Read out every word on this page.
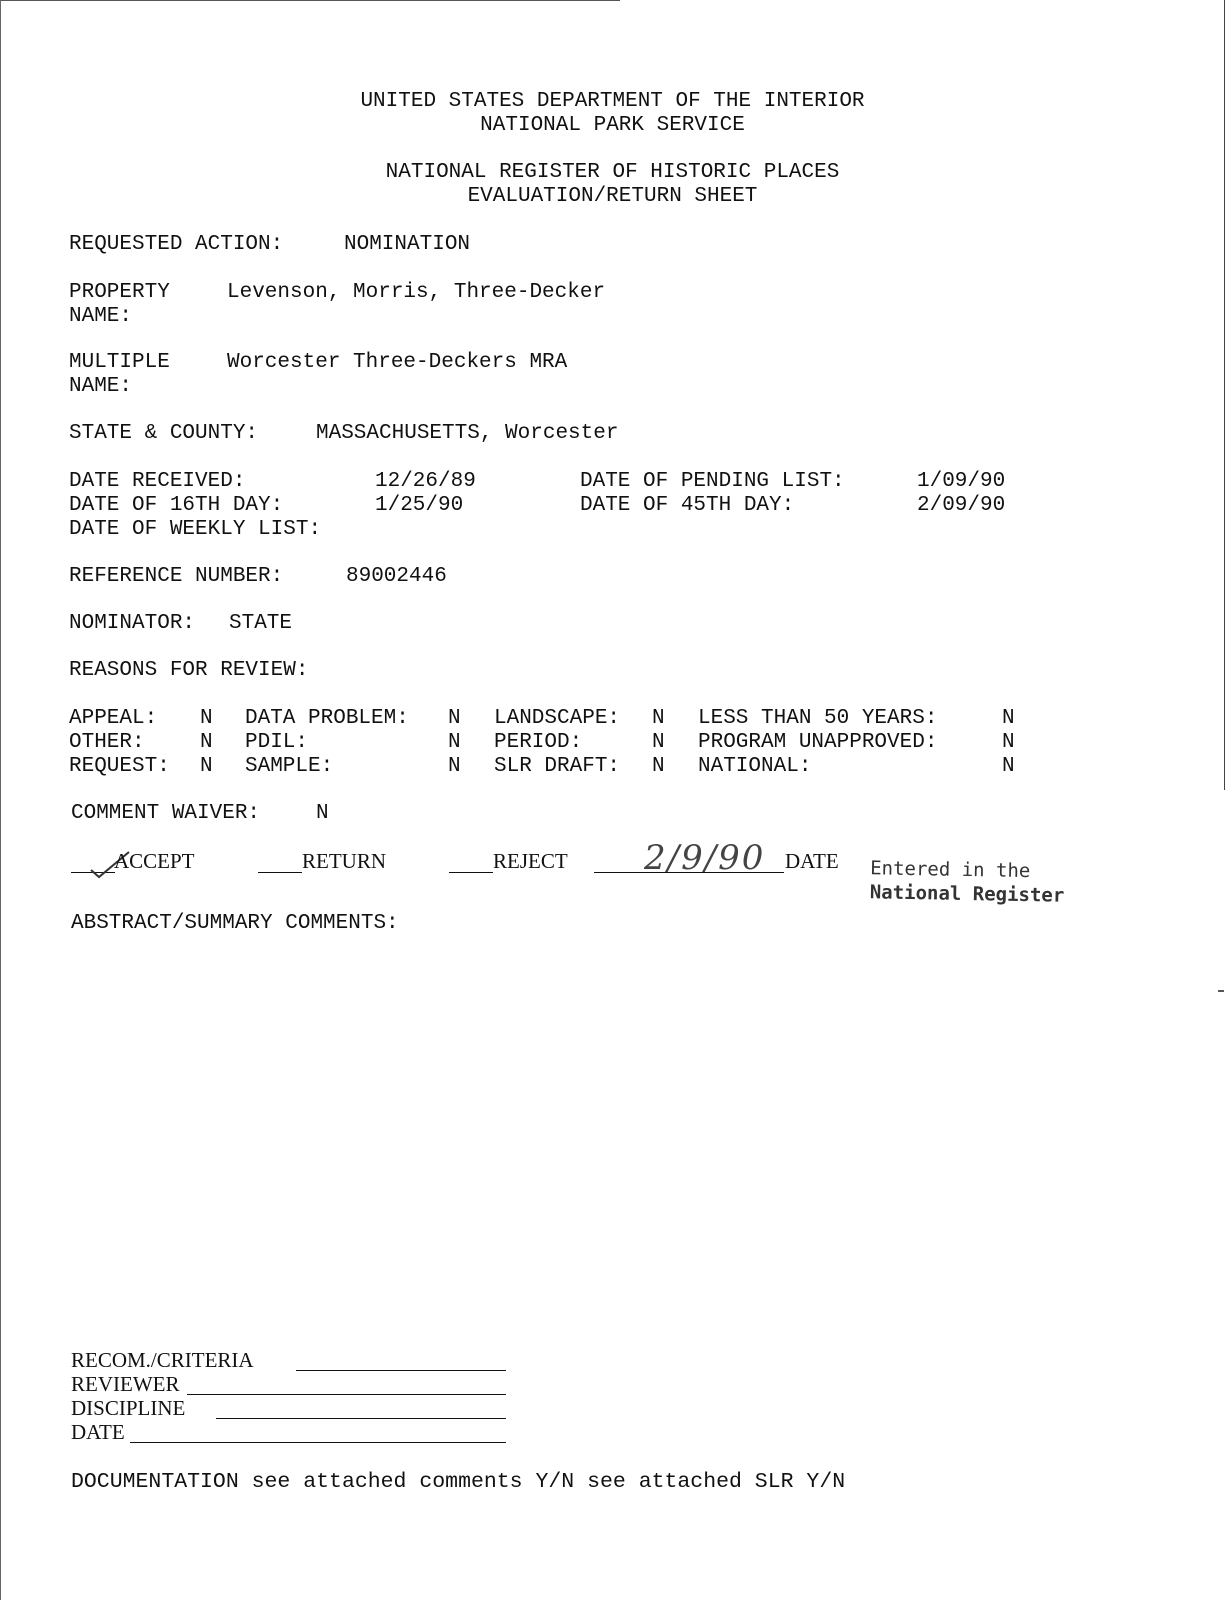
UNITED STATES DEPARTMENT OF THE INTERIOR
NATIONAL PARK SERVICE
NATIONAL REGISTER OF HISTORIC PLACES
EVALUATION/RETURN SHEET
REQUESTED ACTION:	NOMINATION
PROPERTY
NAME:
Levenson, Morris, Three-Decker
MULTIPLE
NAME:
Worcester Three-Deckers MRA
STATE & COUNTY:	MASSACHUSETTS, Worcester
DATE RECEIVED:	12/26/89	DATE OF PENDING LIST:	1/09/90
DATE OF 16TH DAY:	1/25/90	DATE OF 45TH DAY:	2/09/90
DATE OF WEEKLY LIST:
REFERENCE NUMBER:	89002446
NOMINATOR: STATE
REASONS FOR REVIEW:
APPEAL: N DATA PROBLEM: N LANDSCAPE: N LESS THAN 50 YEARS:	N
OTHER:	N PDIL:	N PERIOD:	N PROGRAM UNAPPROVED:	N
REQUEST: N SAMPLE:	N SLR DRAFT: N NATIONAL:	N
COMMENT WAIVER:	N
ACCEPT	RETURN	REJECT 2/9/90 DATE Entered in the
National Register
ABSTRACT/SUMMARY COMMENTS:
RECOM./CRITERIA
REVIEWER
DISCIPLINE
DATE
DOCUMENTATION see attached comments Y/N see attached SLR Y/N
